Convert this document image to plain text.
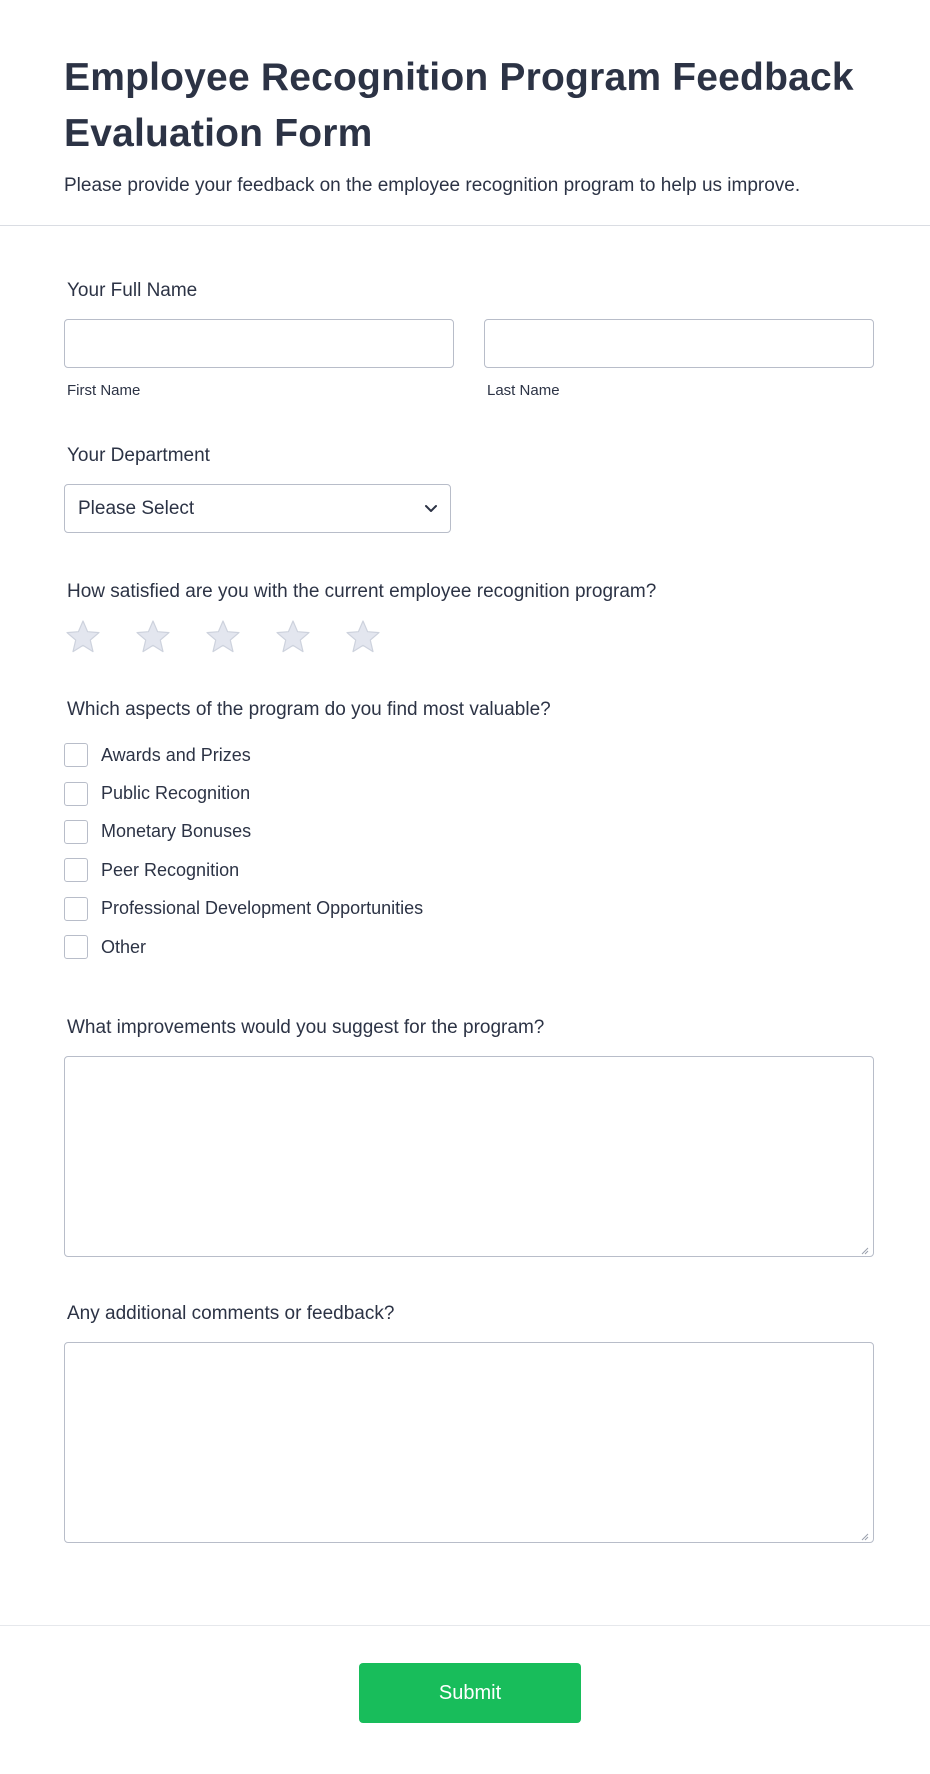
Employee Recognition Program Feedback Evaluation Form

Please provide your feedback on the employee recognition program to help us improve.

Your Full Name
First Name	Last Name
Your Department
Please Select
How satisfied are you with the current employee recognition program?
Which aspects of the program do you find most valuable?
Awards and Prizes
Public Recognition
Monetary Bonuses
Peer Recognition
Professional Development Opportunities
Other
What improvements would you suggest for the program?
Any additional comments or feedback?
Submit
